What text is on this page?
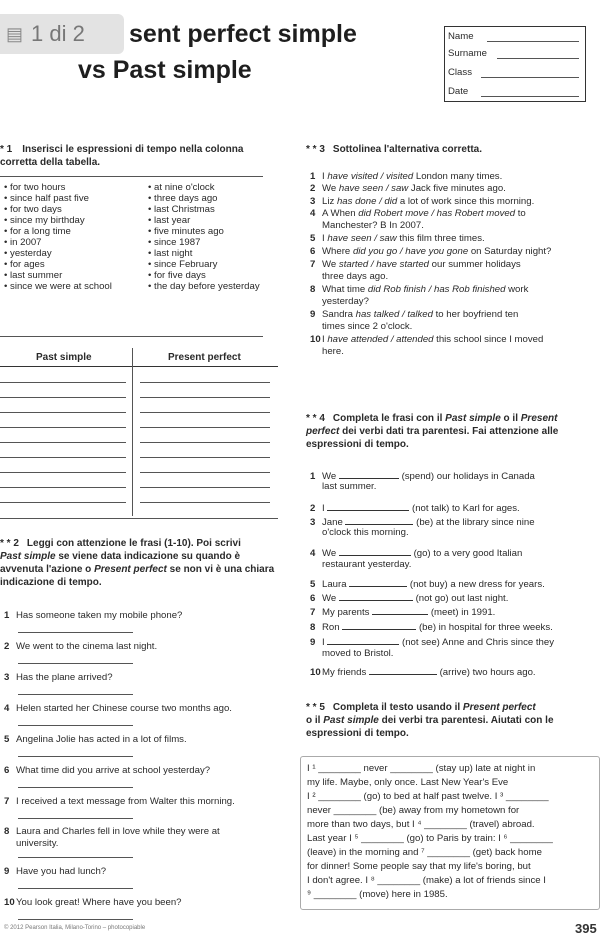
▤ 1 di 2 sent perfect simple
vs Past simple
Name
Surname
Class
Date
* 1 Inserisci le espressioni di tempo nella colonna
corretta della tabella.
• for two hours
• since half past five
• for two days
• since my birthday
• for a long time
• in 2007
• yesterday
• for ages
• last summer
• since we were at school
• at nine o'clock
• three days ago
• last Christmas
• last year
• five minutes ago
• since 1987
• last night
• since February
• for five days
• the day before yesterday
Past simple	Present perfect
* * 2 Leggi con attenzione le frasi (1-10). Poi scrivi
Past simple se viene data indicazione su quando è
avvenuta l'azione o Present perfect se non vi è una chiara
indicazione di tempo.
1 Has someone taken my mobile phone?
2 We went to the cinema last night.
3 Has the plane arrived?
4 Helen started her Chinese course two months ago.
5 Angelina Jolie has acted in a lot of films.
6 What time did you arrive at school yesterday?
7 I received a text message from Walter this morning.
8 Laura and Charles fell in love while they were at
university.
9 Have you had lunch?
10You look great! Where have you been?
* * 3 Sottolinea l'alternativa corretta.
1 I have visited / visited London many times.
2 We have seen / saw Jack five minutes ago.
3 Liz has done / did a lot of work since this morning.
4 A When did Robert move / has Robert moved to
Manchester? B In 2007.
5 I have seen / saw this film three times.
6 Where did you go / have you gone on Saturday night?
7 We started / have started our summer holidays
three days ago.
8 What time did Rob finish / has Rob finished work
yesterday?
9 Sandra has talked / talked to her boyfriend ten
times since 2 o'clock.
10I have attended / attended this school since I moved
here.
* * 4 Completa le frasi con il Past simple o il Present
perfect dei verbi dati tra parentesi. Fai attenzione alle
espressioni di tempo.
1 We	(spend) our holidays in Canada
last summer.
2 I	(not talk) to Karl for ages.
3 Jane	(be) at the library since nine
o'clock this morning.
4 We	(go) to a very good Italian
restaurant yesterday.
5 Laura	(not buy) a new dress for years.
6 We	(not go) out last night.
7 My parents	(meet) in 1991.
8 Ron	(be) in hospital for three weeks.
9 I	(not see) Anne and Chris since they
moved to Bristol.
10My friends	(arrive) two hours ago.
* * 5 Completa il testo usando il Present perfect
o il Past simple dei verbi tra parentesi. Aiutati con le
espressioni di tempo.
I ¹ ________ never ________ (stay up) late at night in
my life. Maybe, only once. Last New Year's Eve
I ² ________ (go) to bed at half past twelve. I ³ ________
never ________ (be) away from my hometown for
more than two days, but I ⁴ ________ (travel) abroad.
Last year I ⁵ ________ (go) to Paris by train: I ⁶ ________
(leave) in the morning and ⁷ ________ (get) back home
for dinner! Some people say that my life's boring, but
I don't agree. I ⁸ ________ (make) a lot of friends since I
⁹ ________ (move) here in 1985.
© 2012 Pearson Italia, Milano-Torino – photocopiable	395
